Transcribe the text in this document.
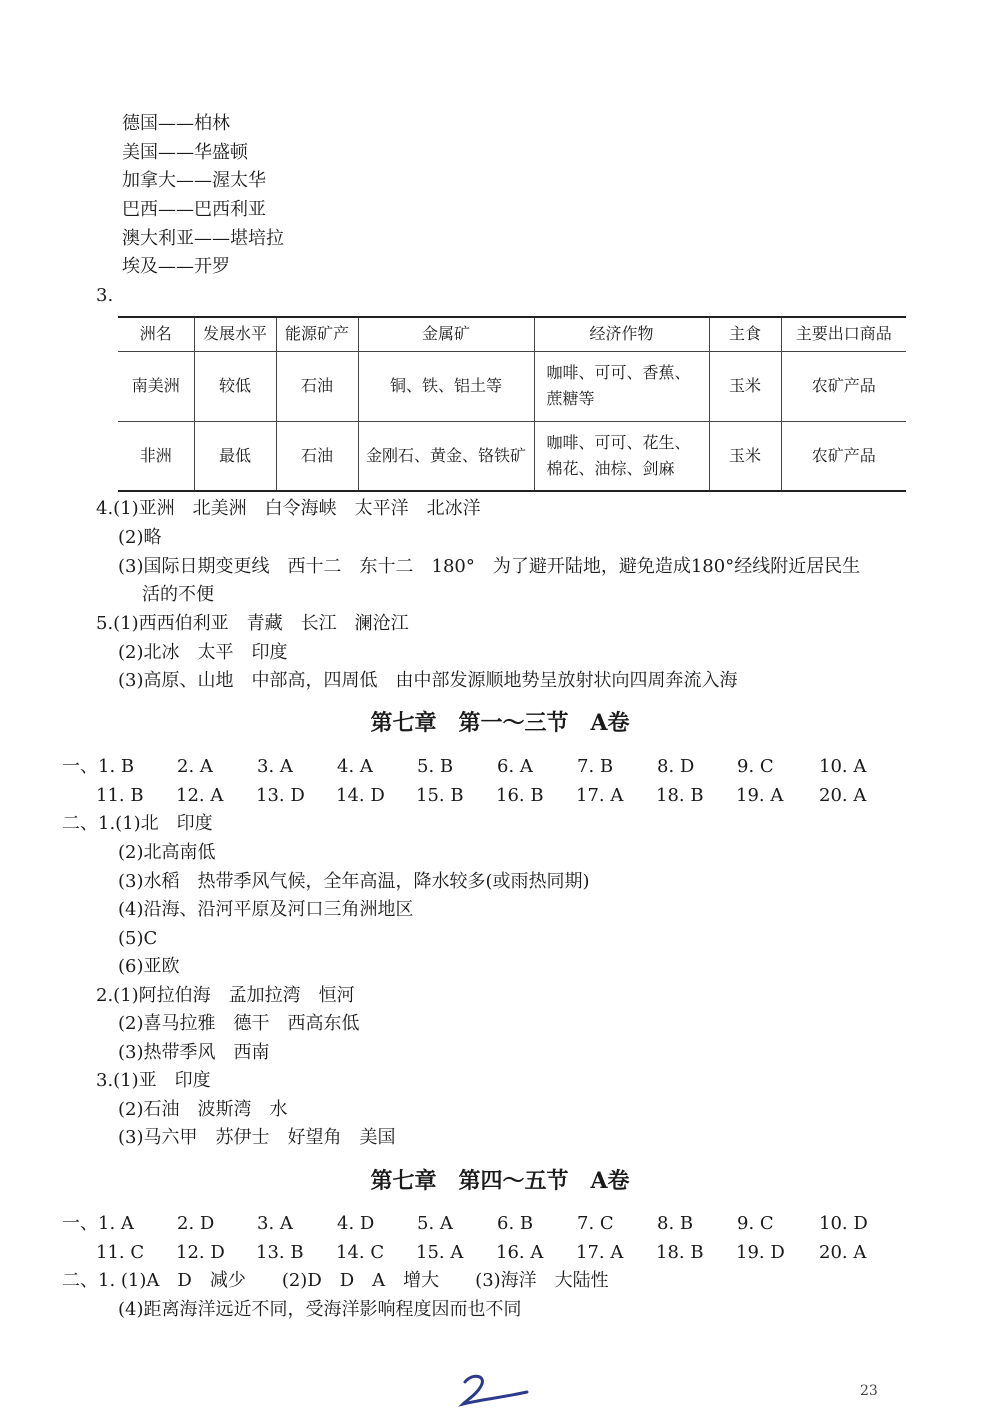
德国——柏林
美国——华盛顿
加拿大——渥太华
巴西——巴西利亚
澳大利亚——堪培拉
埃及——开罗
3.
洲名	发展水平	能源矿产	金属矿	经济作物	主食	主要出口商品
南美洲	较低	石油	铜、铁、铝土等	咖啡、可可、香蕉、蔗糖等	玉米	农矿产品
非洲	最低	石油	金刚石、黄金、铬铁矿	咖啡、可可、花生、棉花、油棕、剑麻	玉米	农矿产品
4.(1)亚洲　北美洲　白令海峡　太平洋　北冰洋
(2)略
(3)国际日期变更线　西十二　东十二　180°　为了避开陆地，避免造成180°经线附近居民生
活的不便
5.(1)西西伯利亚　青藏　长江　澜沧江
(2)北冰　太平　印度
(3)高原、山地　中部高，四周低　由中部发源顺地势呈放射状向四周奔流入海
第七章　第一～三节　A卷
一、1. B 2. A 3. A 4. A 5. B 6. A 7. B 8. D 9. C	10. A
11. B 12. A 13. D 14. D 15. B 16. B 17. A 18. B 19. A 20. A
二、1.(1)北　印度
(2)北高南低
(3)水稻　热带季风气候，全年高温，降水较多(或雨热同期)
(4)沿海、沿河平原及河口三角洲地区
(5)C
(6)亚欧
2.(1)阿拉伯海　孟加拉湾　恒河
(2)喜马拉雅　德干　西高东低
(3)热带季风　西南
3.(1)亚　印度
(2)石油　波斯湾　水
(3)马六甲　苏伊士　好望角　美国
第七章　第四～五节　A卷
一、1. A 2. D 3. A 4. D 5. A 6. B 7. C 8. B 9. C	10. D
11. C 12. D 13. B 14. C 15. A 16. A 17. A 18. B 19. D 20. A
二、1. (1)A　D　减少　　(2)D　D　A　增大　　(3)海洋　大陆性
(4)距离海洋远近不同，受海洋影响程度因而也不同
23
